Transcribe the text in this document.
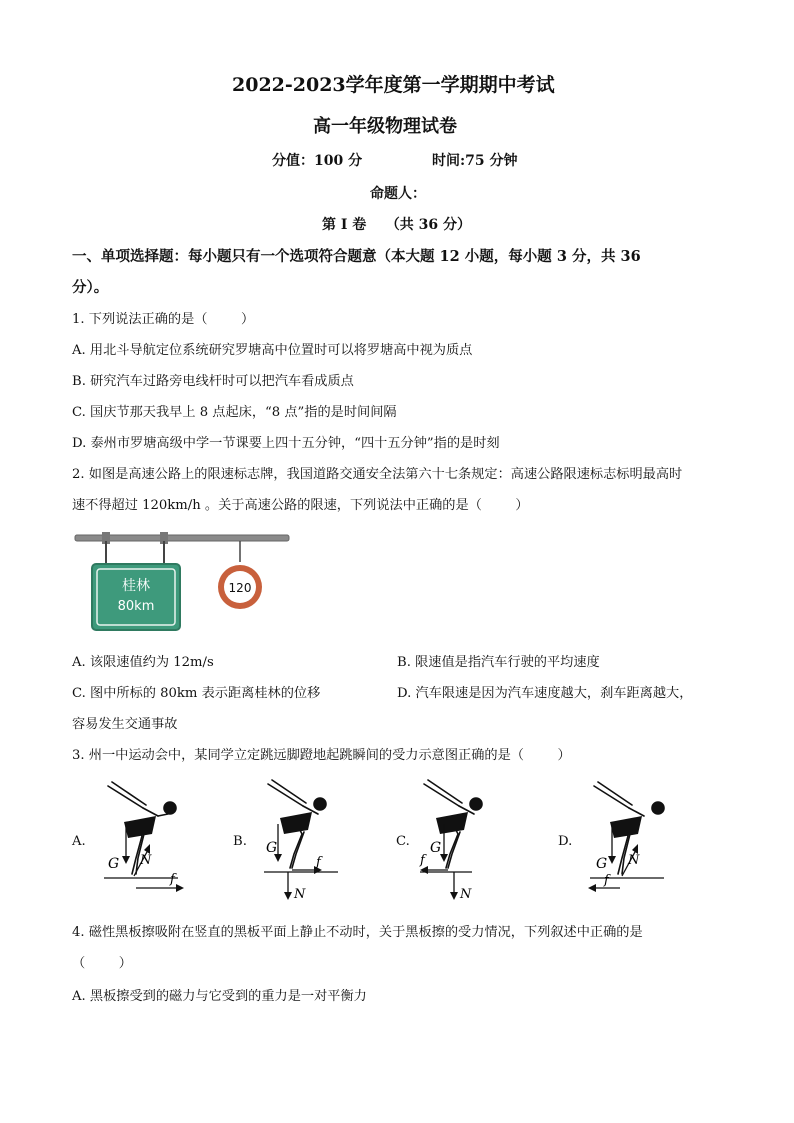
2022-2023学年度第一学期期中考试
高一年级物理试卷
分值：100 分	时间:75 分钟
命题人：
第 I 卷    （共 36 分）
一、单项选择题：每小题只有一个选项符合题意（本大题 12 小题，每小题 3 分，共 36
分）。
1. 下列说法正确的是（        ）
A. 用北斗导航定位系统研究罗塘高中位置时可以将罗塘高中视为质点
B. 研究汽车过路旁电线杆时可以把汽车看成质点
C. 国庆节那天我早上 8 点起床，“8 点”指的是时间间隔
D. 泰州市罗塘高级中学一节课要上四十五分钟，“四十五分钟”指的是时刻
2. 如图是高速公路上的限速标志牌，我国道路交通安全法第六十七条规定：高速公路限速标志标明最高时
速不得超过 120km/h 。关于高速公路的限速，下列说法中正确的是（        ）
桂林
80km
120
A. 该限速值约为 12m/s	B. 限速值是指汽车行驶的平均速度
C. 图中所标的 80km 表示距离桂林的位移	D. 汽车限速是因为汽车速度越大，刹车距离越大，
容易发生交通事故
3. 州一中运动会中，某同学立定跳远脚蹬地起跳瞬间的受力示意图正确的是（        ）
A.
G N
f
B. G
f
N
C. G
f
N
D.
G N
f
4. 磁性黑板擦吸附在竖直的黑板平面上静止不动时，关于黑板擦的受力情况，下列叙述中正确的是
（        ）
A. 黑板擦受到的磁力与它受到的重力是一对平衡力
